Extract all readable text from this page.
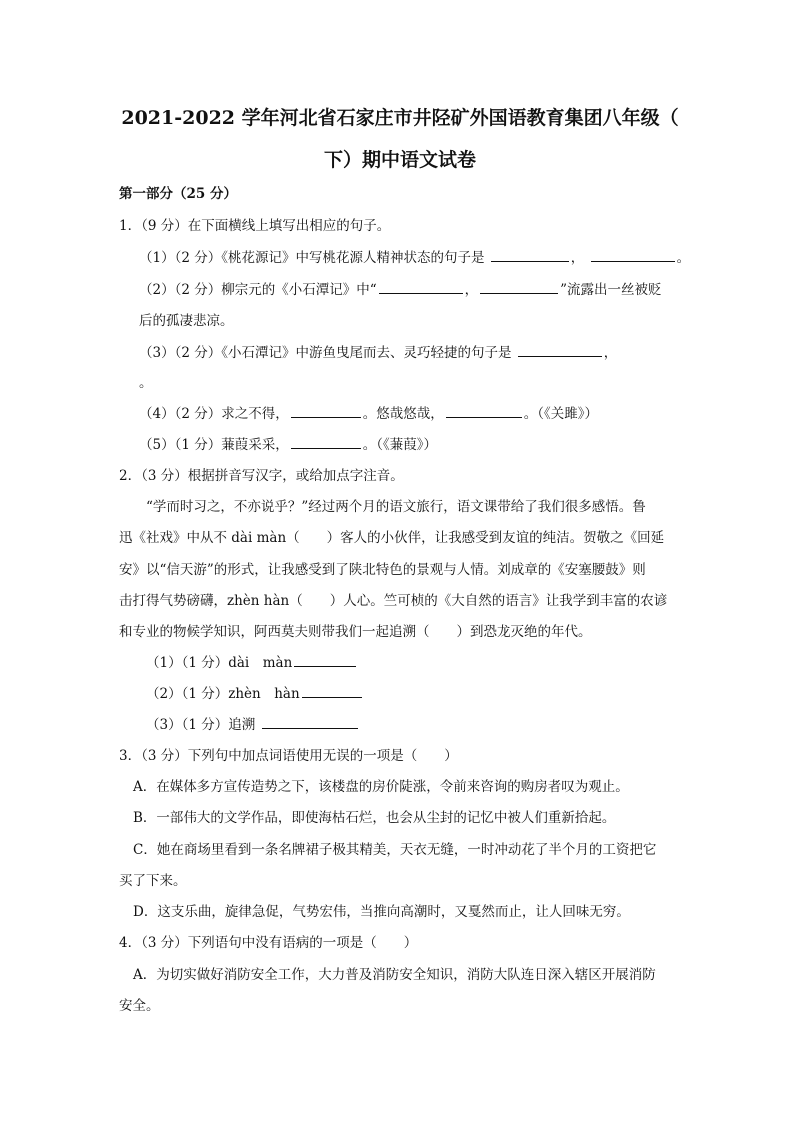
2021-2022 学年河北省石家庄市井陉矿外国语教育集团八年级（
下）期中语文试卷
第一部分（25 分）
1．（9 分）在下面横线上填写出相应的句子。
（1）（2 分）《桃花源记》中写桃花源人精神状态的句子是	，	。
（2）（2 分）柳宗元的《小石潭记》中“	，	”流露出一丝被贬
后的孤凄悲凉。
（3）（2 分）《小石潭记》中游鱼曳尾而去、灵巧轻捷的句子是	，
。
（4）（2 分）求之不得，	。悠哉悠哉，	。（《关雎》）
（5）（1 分）蒹葭采采，	。（《蒹葭》）
2．（3 分）根据拼音写汉字，或给加点字注音。
“学而时习之，不亦说乎？”经过两个月的语文旅行，语文课带给了我们很多感悟。鲁
迅《社戏》中从不 dài màn（　　）客人的小伙伴，让我感受到友谊的纯洁。贺敬之《回延
安》以“信天游”的形式，让我感受到了陕北特色的景观与人情。刘成章的《安塞腰鼓》则
击打得气势磅礴，zhèn hàn（　　）人心。竺可桢的《大自然的语言》让我学到丰富的农谚
和专业的物候学知识，阿西莫夫则带我们一起追溯（　　）到恐龙灭绝的年代。
（1）（1 分）dài　màn
（2）（1 分）zhèn　hàn
（3）（1 分）追溯
3．（3 分）下列句中加点词语使用无误的一项是（　　）
A．在媒体多方宣传造势之下，该楼盘的房价陡涨，令前来咨询的购房者叹为观止。
B．一部伟大的文学作品，即使海枯石烂，也会从尘封的记忆中被人们重新拾起。
C．她在商场里看到一条名牌裙子极其精美，天衣无缝，一时冲动花了半个月的工资把它
买了下来。
D．这支乐曲，旋律急促，气势宏伟，当推向高潮时，又戛然而止，让人回味无穷。
4．（3 分）下列语句中没有语病的一项是（　　）
A．为切实做好消防安全工作，大力普及消防安全知识，消防大队连日深入辖区开展消防
安全。
